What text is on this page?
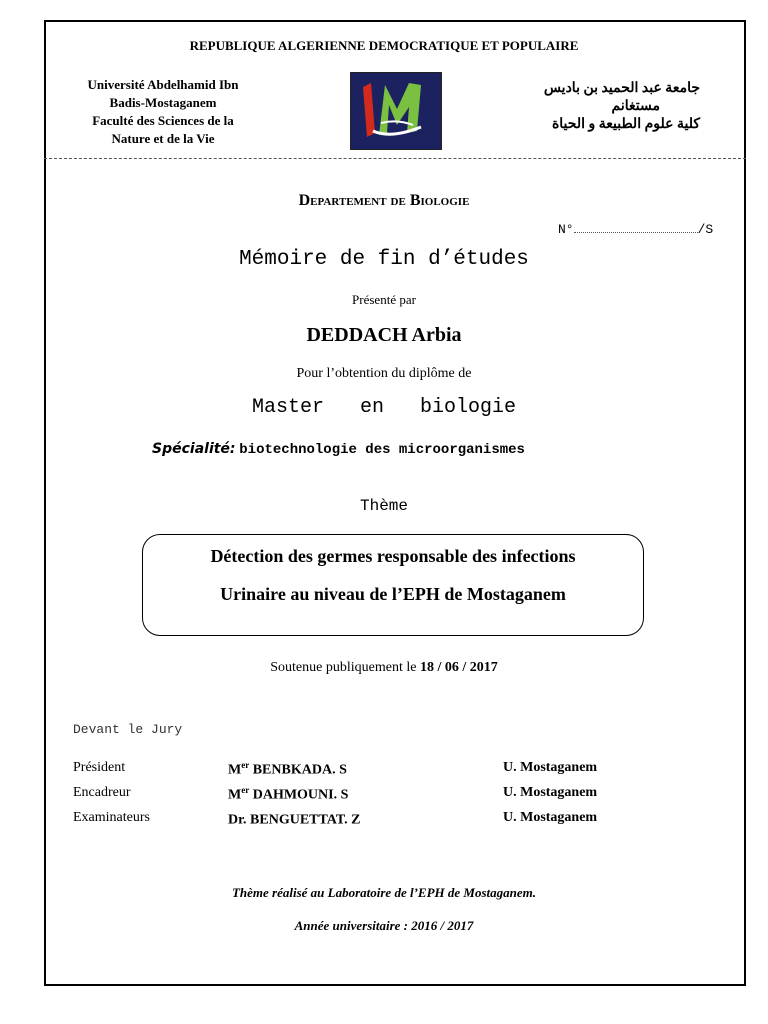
REPUBLIQUE ALGERIENNE DEMOCRATIQUE ET POPULAIRE
Université Abdelhamid Ibn
Badis-Mostaganem
Faculté des Sciences de la
Nature et de la Vie
جامعة عبد الحميد بن باديس
مستغانم
كلية علوم الطبيعة و الحياة
Departement de Biologie
N°	/S
Mémoire de fin d’études
Présenté par
DEDDACH Arbia
Pour l’obtention du diplôme de
Master   en   biologie
Spécialité: biotechnologie des microorganismes
Thème
Détection des germes responsable des infections
Urinaire au niveau de l’EPH de Mostaganem
Soutenue publiquement le 18 / 06 / 2017
Devant le Jury
Président	Mer BENBKADA. S	U. Mostaganem
Encadreur	Mer DAHMOUNI. S	U. Mostaganem
Examinateurs	Dr. BENGUETTAT. Z	U. Mostaganem
Thème réalisé au Laboratoire de l’EPH de Mostaganem.
Année universitaire : 2016 / 2017
